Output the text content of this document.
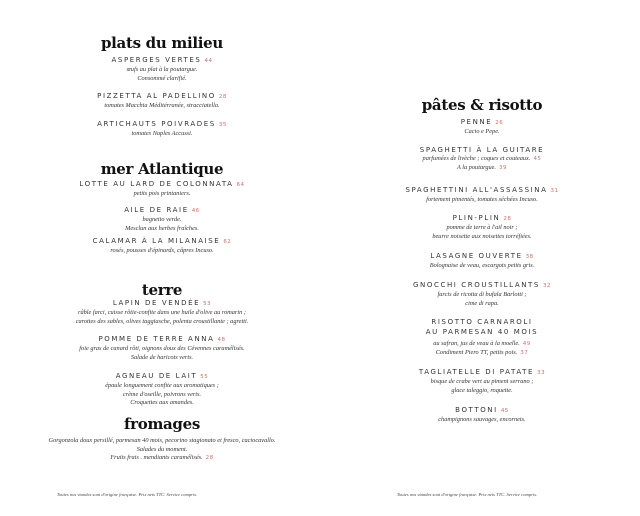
plats du milieu
ASPERGES VERTES 44
œufs au plat à la poutargue.
Consommé clarifié.
PIZZETTA AL PADELLINO 28
tomates Macchia Méditérranée, stracciatella.
ARTICHAUTS POIVRADES 35
tomates Naples Accussi.
mer Atlantique
LOTTE AU LARD DE COLONNATA 64
petits pois printaniers.
AILE DE RAIE 46
bagnetto verde.
Mesclun aux herbes fraîches.
CALAMAR À LA MILANAISE 62
rosés, pousses d'épinards, câpres Incuso.
terre
LAPIN DE VENDÉE 53
râble farci, cuisse rôtie-confite dans une huile d'olive au romarin ;
carottes des sables, olives taggiasche, polenta croustillante ; agretti.
POMME DE TERRE ANNA 48
foie gras de canard rôti, oignons doux des Cévennes caramélisés.
Salade de haricots verts.
AGNEAU DE LAIT 55
épaule longuement confite aux aromatiques ;
crème d'oseille, poivrons verts.
Croquettes aux amandes.
fromages
Gorgonzola doux persillé, parmesan 40 mois, pecorino stagionato et fresco, caciocavallo.
Salades du moment.
Fruits frais . mendiants caramélisés. 28
Toutes nos viandes sont d'origine française. Prix nets TTC. Service compris.
pâtes & risotto
PENNE 26
Cacio e Pepe.
SPAGHETTI À LA GUITARE
parfumées de livèche ; coques et couteaux. 45
A la poutargue. 39
SPAGHETTINI ALL'ASSASSINA 31
fortement pimentés, tomates séchées Incuso.
PLIN-PLIN 28
pomme de terre à l'ail noir ;
beurre noisette aux noisettes torréfiées.
LASAGNE OUVERTE 38
Bolognaise de veau, escargots petits gris.
GNOCCHI CROUSTILLANTS 32
farcis de ricotta di bufala Barlotti ;
cime di rapa.
RISOTTO CARNAROLI
AU PARMESAN 40 MOIS
au safran, jus de veau à la moelle. 49
Condiment Piero TT, petits pois. 37
TAGLIATELLE DI PATATE 33
bisque de crabe vert au piment serrano ;
glace taleggio, roquette.
BOTTONI 45
champignons sauvages, encornets.
Toutes nos viandes sont d'origine française. Prix nets TTC. Service compris.
